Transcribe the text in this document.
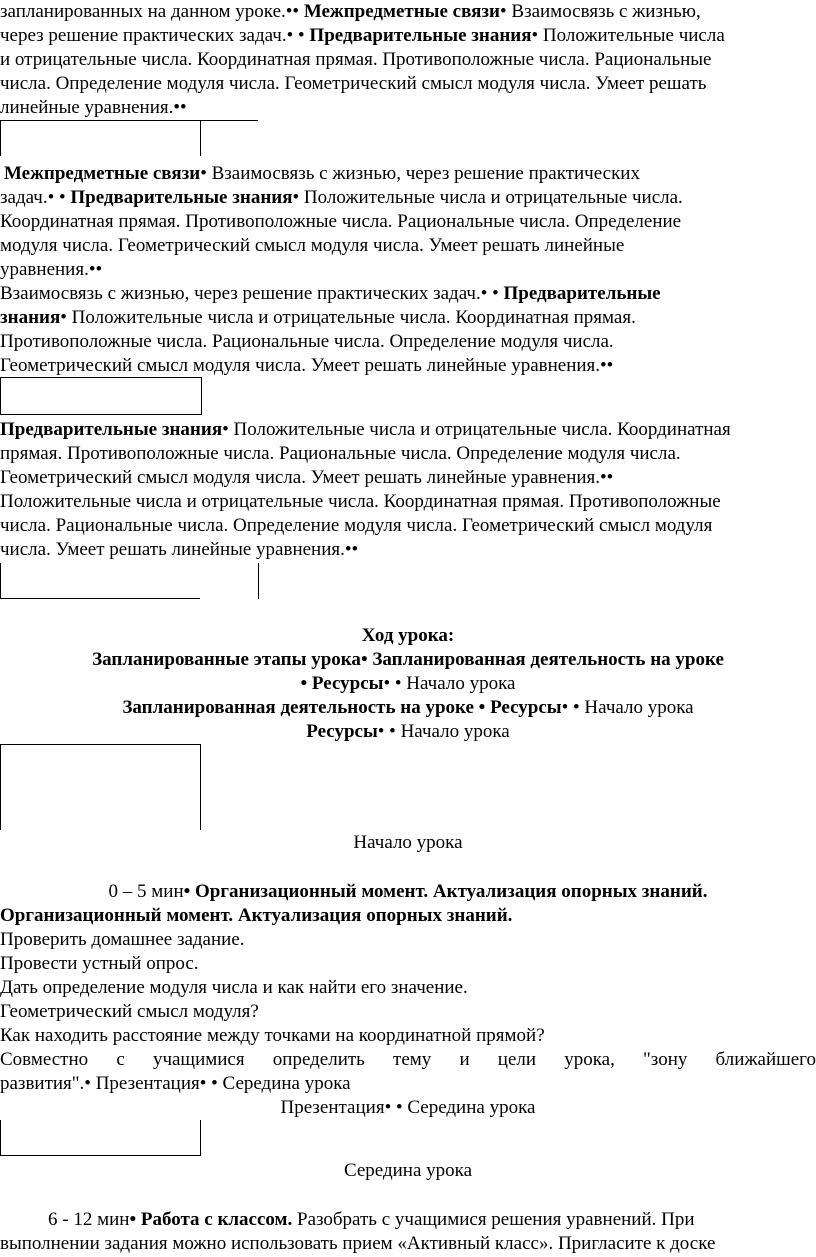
запланированных на данном уроке.•• Межпредметные связи• Взаимосвязь с жизнью,
через решение практических задач.• • Предварительные знания• Положительные числа
и отрицательные числа. Координатная прямая. Противоположные числа. Рациональные
числа. Определение модуля числа. Геометрический смысл модуля числа. Умеет решать
линейные уравнения.••
Межпредметные связи• Взаимосвязь с жизнью, через решение практических
задач.• • Предварительные знания• Положительные числа и отрицательные числа.
Координатная прямая. Противоположные числа. Рациональные числа. Определение
модуля числа. Геометрический смысл модуля числа. Умеет решать линейные
уравнения.••
Взаимосвязь с жизнью, через решение практических задач.• • Предварительные
знания• Положительные числа и отрицательные числа. Координатная прямая.
Противоположные числа. Рациональные числа. Определение модуля числа.
Геометрический смысл модуля числа. Умеет решать линейные уравнения.••
Предварительные знания• Положительные числа и отрицательные числа. Координатная
прямая. Противоположные числа. Рациональные числа. Определение модуля числа.
Геометрический смысл модуля числа. Умеет решать линейные уравнения.••
Положительные числа и отрицательные числа. Координатная прямая. Противоположные
числа. Рациональные числа. Определение модуля числа. Геометрический смысл модуля
числа. Умеет решать линейные уравнения.••
Ход урока:
Запланированные этапы урока• Запланированная деятельность на уроке
• Ресурсы• • Начало урока
Запланированная деятельность на уроке • Ресурсы• • Начало урока
Ресурсы• • Начало урока
Начало урока
0 – 5 мин• Организационный момент. Актуализация опорных знаний.
Организационный момент. Актуализация опорных знаний.
Проверить домашнее задание.
Провести устный опрос.
Дать определение модуля числа и как найти его значение.
Геометрический смысл модуля?
Как находить расстояние между точками на координатной прямой?
Совместно с учащимися определить тему и цели урока, "зону ближайшего
развития".• Презентация• • Середина урока
Презентация• • Середина урока
Середина урока
6 - 12 мин• Работа с классом. Разобрать с учащимися решения уравнений. При
выполнении задания можно использовать прием «Активный класс». Пригласите к доске
